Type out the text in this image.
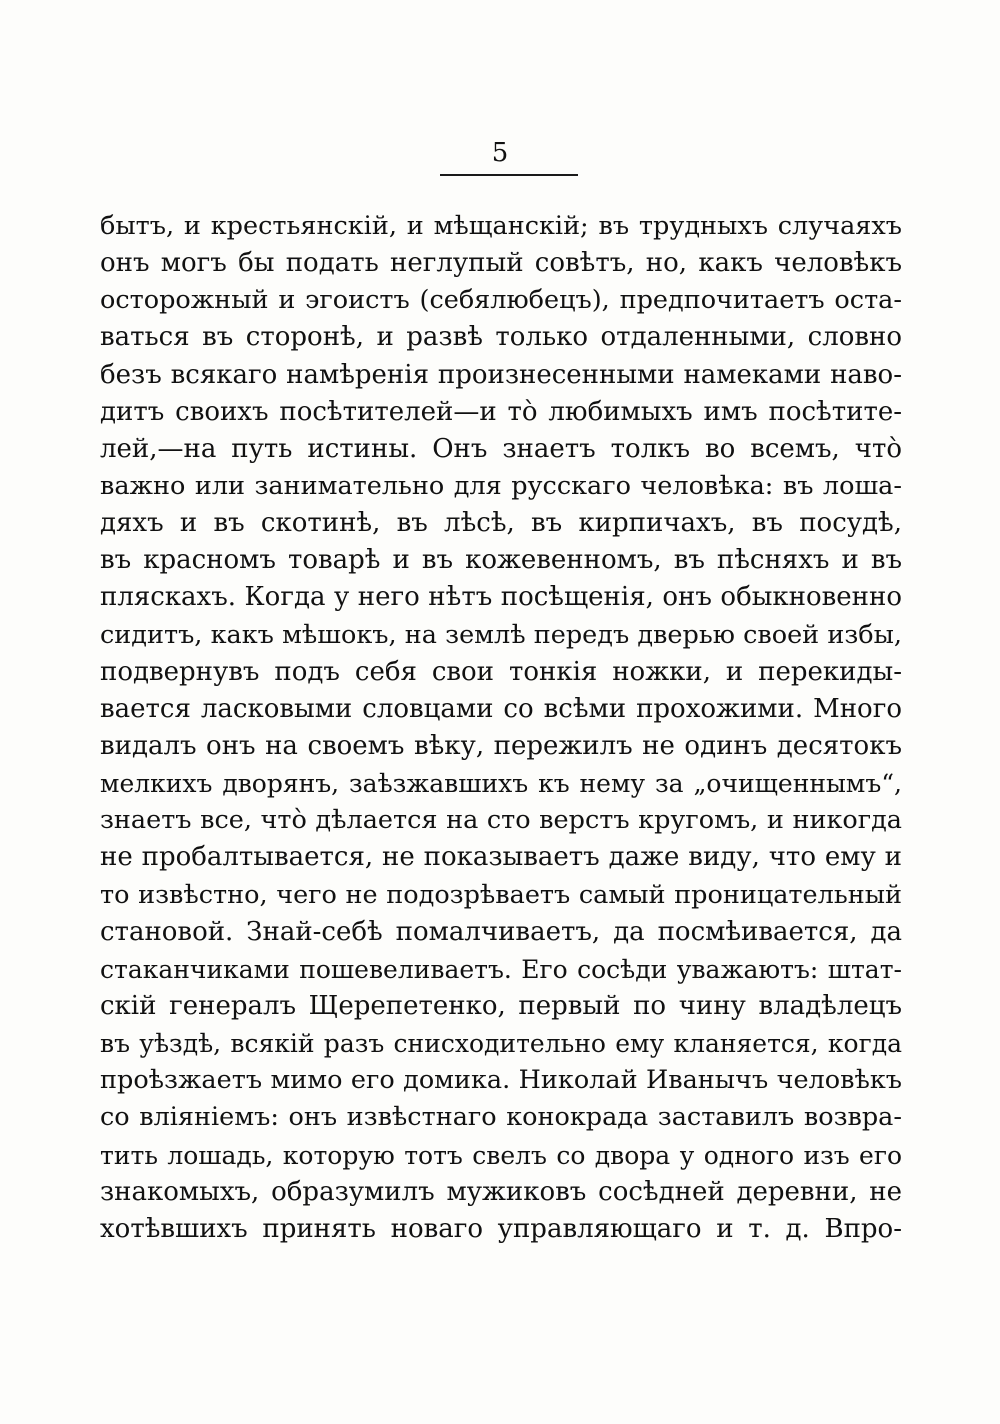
5
бытъ, и крестьянскій, и мѣщанскій; въ трудныхъ случаяхъ
онъ могъ бы подать неглупый совѣтъ, но, какъ человѣкъ
осторожный и эгоистъ (себялюбецъ), предпочитаетъ оста-
ваться въ сторонѣ, и развѣ только отдаленными, словно
безъ всякаго намѣренія произнесенными намеками наво-
дитъ своихъ посѣтителей—и то̀ любимыхъ имъ посѣтите-
лей,—на путь истины. Онъ знаетъ толкъ во всемъ, что̀
важно или занимательно для русскаго человѣка: въ лоша-
дяхъ и въ скотинѣ, въ лѣсѣ, въ кирпичахъ, въ посудѣ,
въ красномъ товарѣ и въ кожевенномъ, въ пѣсняхъ и въ
пляскахъ. Когда у него нѣтъ посѣщенія, онъ обыкновенно
сидитъ, какъ мѣшокъ, на землѣ передъ дверью своей избы,
подвернувъ подъ себя свои тонкія ножки, и перекиды-
вается ласковыми словцами со всѣми прохожими. Много
видалъ онъ на своемъ вѣку, пережилъ не одинъ десятокъ
мелкихъ дворянъ, заѣзжавшихъ къ нему за „очищеннымъ“,
знаетъ все, что̀ дѣлается на сто верстъ кругомъ, и никогда
не пробалтывается, не показываетъ даже виду, что ему и
то извѣстно, чего не подозрѣваетъ самый проницательный
становой. Знай-себѣ помалчиваетъ, да посмѣивается, да
стаканчиками пошевеливаетъ. Его сосѣди уважаютъ: штат-
скій генералъ Щерепетенко, первый по чину владѣлецъ
въ уѣздѣ, всякій разъ снисходительно ему кланяется, когда
проѣзжаетъ мимо его домика. Николай Иванычъ человѣкъ
со вліяніемъ: онъ извѣстнаго конокрада заставилъ возвра-
тить лошадь, которую тотъ свелъ со двора у одного изъ его
знакомыхъ, образумилъ мужиковъ сосѣдней деревни, не
хотѣвшихъ принять новаго управляющаго и т. д. Впро-
